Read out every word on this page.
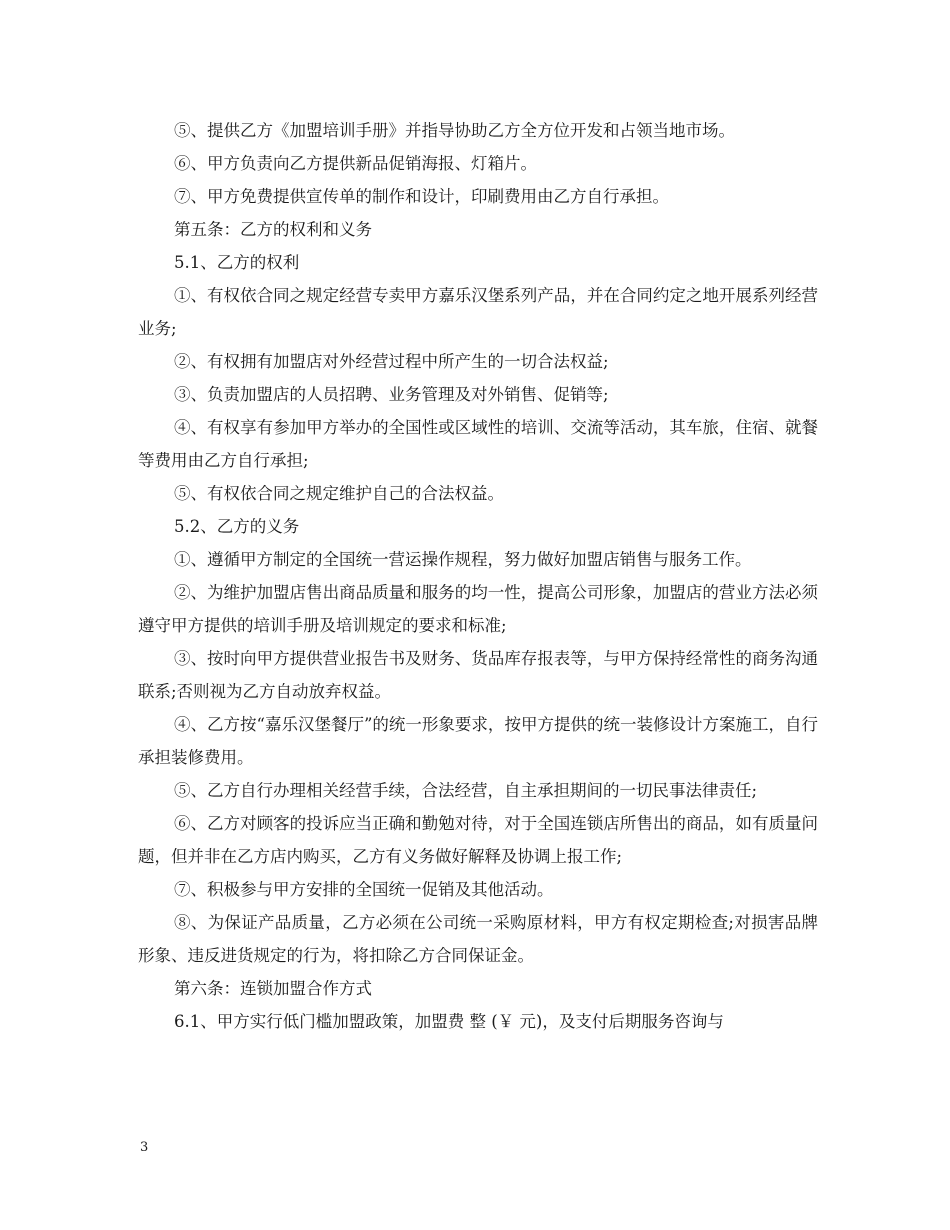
⑤、提供乙方《加盟培训手册》并指导协助乙方全方位开发和占领当地市场。

⑥、甲方负责向乙方提供新品促销海报、灯箱片。

⑦、甲方免费提供宣传单的制作和设计，印刷费用由乙方自行承担。

第五条：乙方的权利和义务

5.1、乙方的权利

①、有权依合同之规定经营专卖甲方嘉乐汉堡系列产品，并在合同约定之地开展系列经营业务;

②、有权拥有加盟店对外经营过程中所产生的一切合法权益;

③、负责加盟店的人员招聘、业务管理及对外销售、促销等;

④、有权享有参加甲方举办的全国性或区域性的培训、交流等活动，其车旅，住宿、就餐等费用由乙方自行承担;

⑤、有权依合同之规定维护自己的合法权益。

5.2、乙方的义务

①、遵循甲方制定的全国统一营运操作规程，努力做好加盟店销售与服务工作。

②、为维护加盟店售出商品质量和服务的均一性，提高公司形象，加盟店的营业方法必须遵守甲方提供的培训手册及培训规定的要求和标准;

③、按时向甲方提供营业报告书及财务、货品库存报表等，与甲方保持经常性的商务沟通联系;否则视为乙方自动放弃权益。

④、乙方按“嘉乐汉堡餐厅”的统一形象要求，按甲方提供的统一装修设计方案施工，自行承担装修费用。

⑤、乙方自行办理相关经营手续，合法经营，自主承担期间的一切民事法律责任;

⑥、乙方对顾客的投诉应当正确和勤勉对待，对于全国连锁店所售出的商品，如有质量问题，但并非在乙方店内购买，乙方有义务做好解释及协调上报工作;

⑦、积极参与甲方安排的全国统一促销及其他活动。

⑧、为保证产品质量，乙方必须在公司统一采购原材料，甲方有权定期检查;对损害品牌形象、违反进货规定的行为，将扣除乙方合同保证金。

第六条：连锁加盟合作方式

6.1、甲方实行低门槛加盟政策，加盟费 整 (￥ 元)，及支付后期服务咨询与

3
